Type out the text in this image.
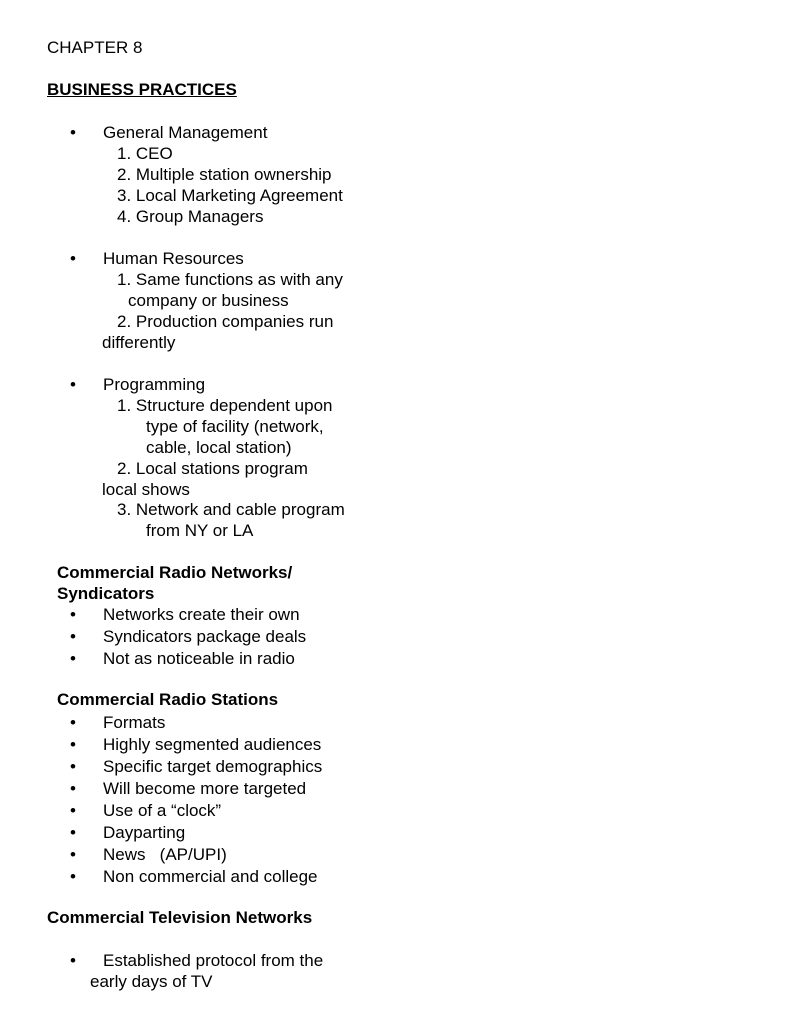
CHAPTER 8
BUSINESS PRACTICES
• General Management
1. CEO
2. Multiple station ownership
3. Local Marketing Agreement
4. Group Managers
• Human Resources
1. Same functions as with any
company or business
2. Production companies run
differently
• Programming
1. Structure dependent upon
type of facility (network,
cable, local station)
2. Local stations program
local shows
3. Network and cable program
from NY or LA
Commercial Radio Networks/
Syndicators
• Networks create their own
• Syndicators package deals
• Not as noticeable in radio
Commercial Radio Stations
• Formats
• Highly segmented audiences
• Specific target demographics
• Will become more targeted
• Use of a “clock”
• Dayparting
• News   (AP/UPI)
• Non commercial and college
Commercial Television Networks
• Established protocol from the
early days of TV
